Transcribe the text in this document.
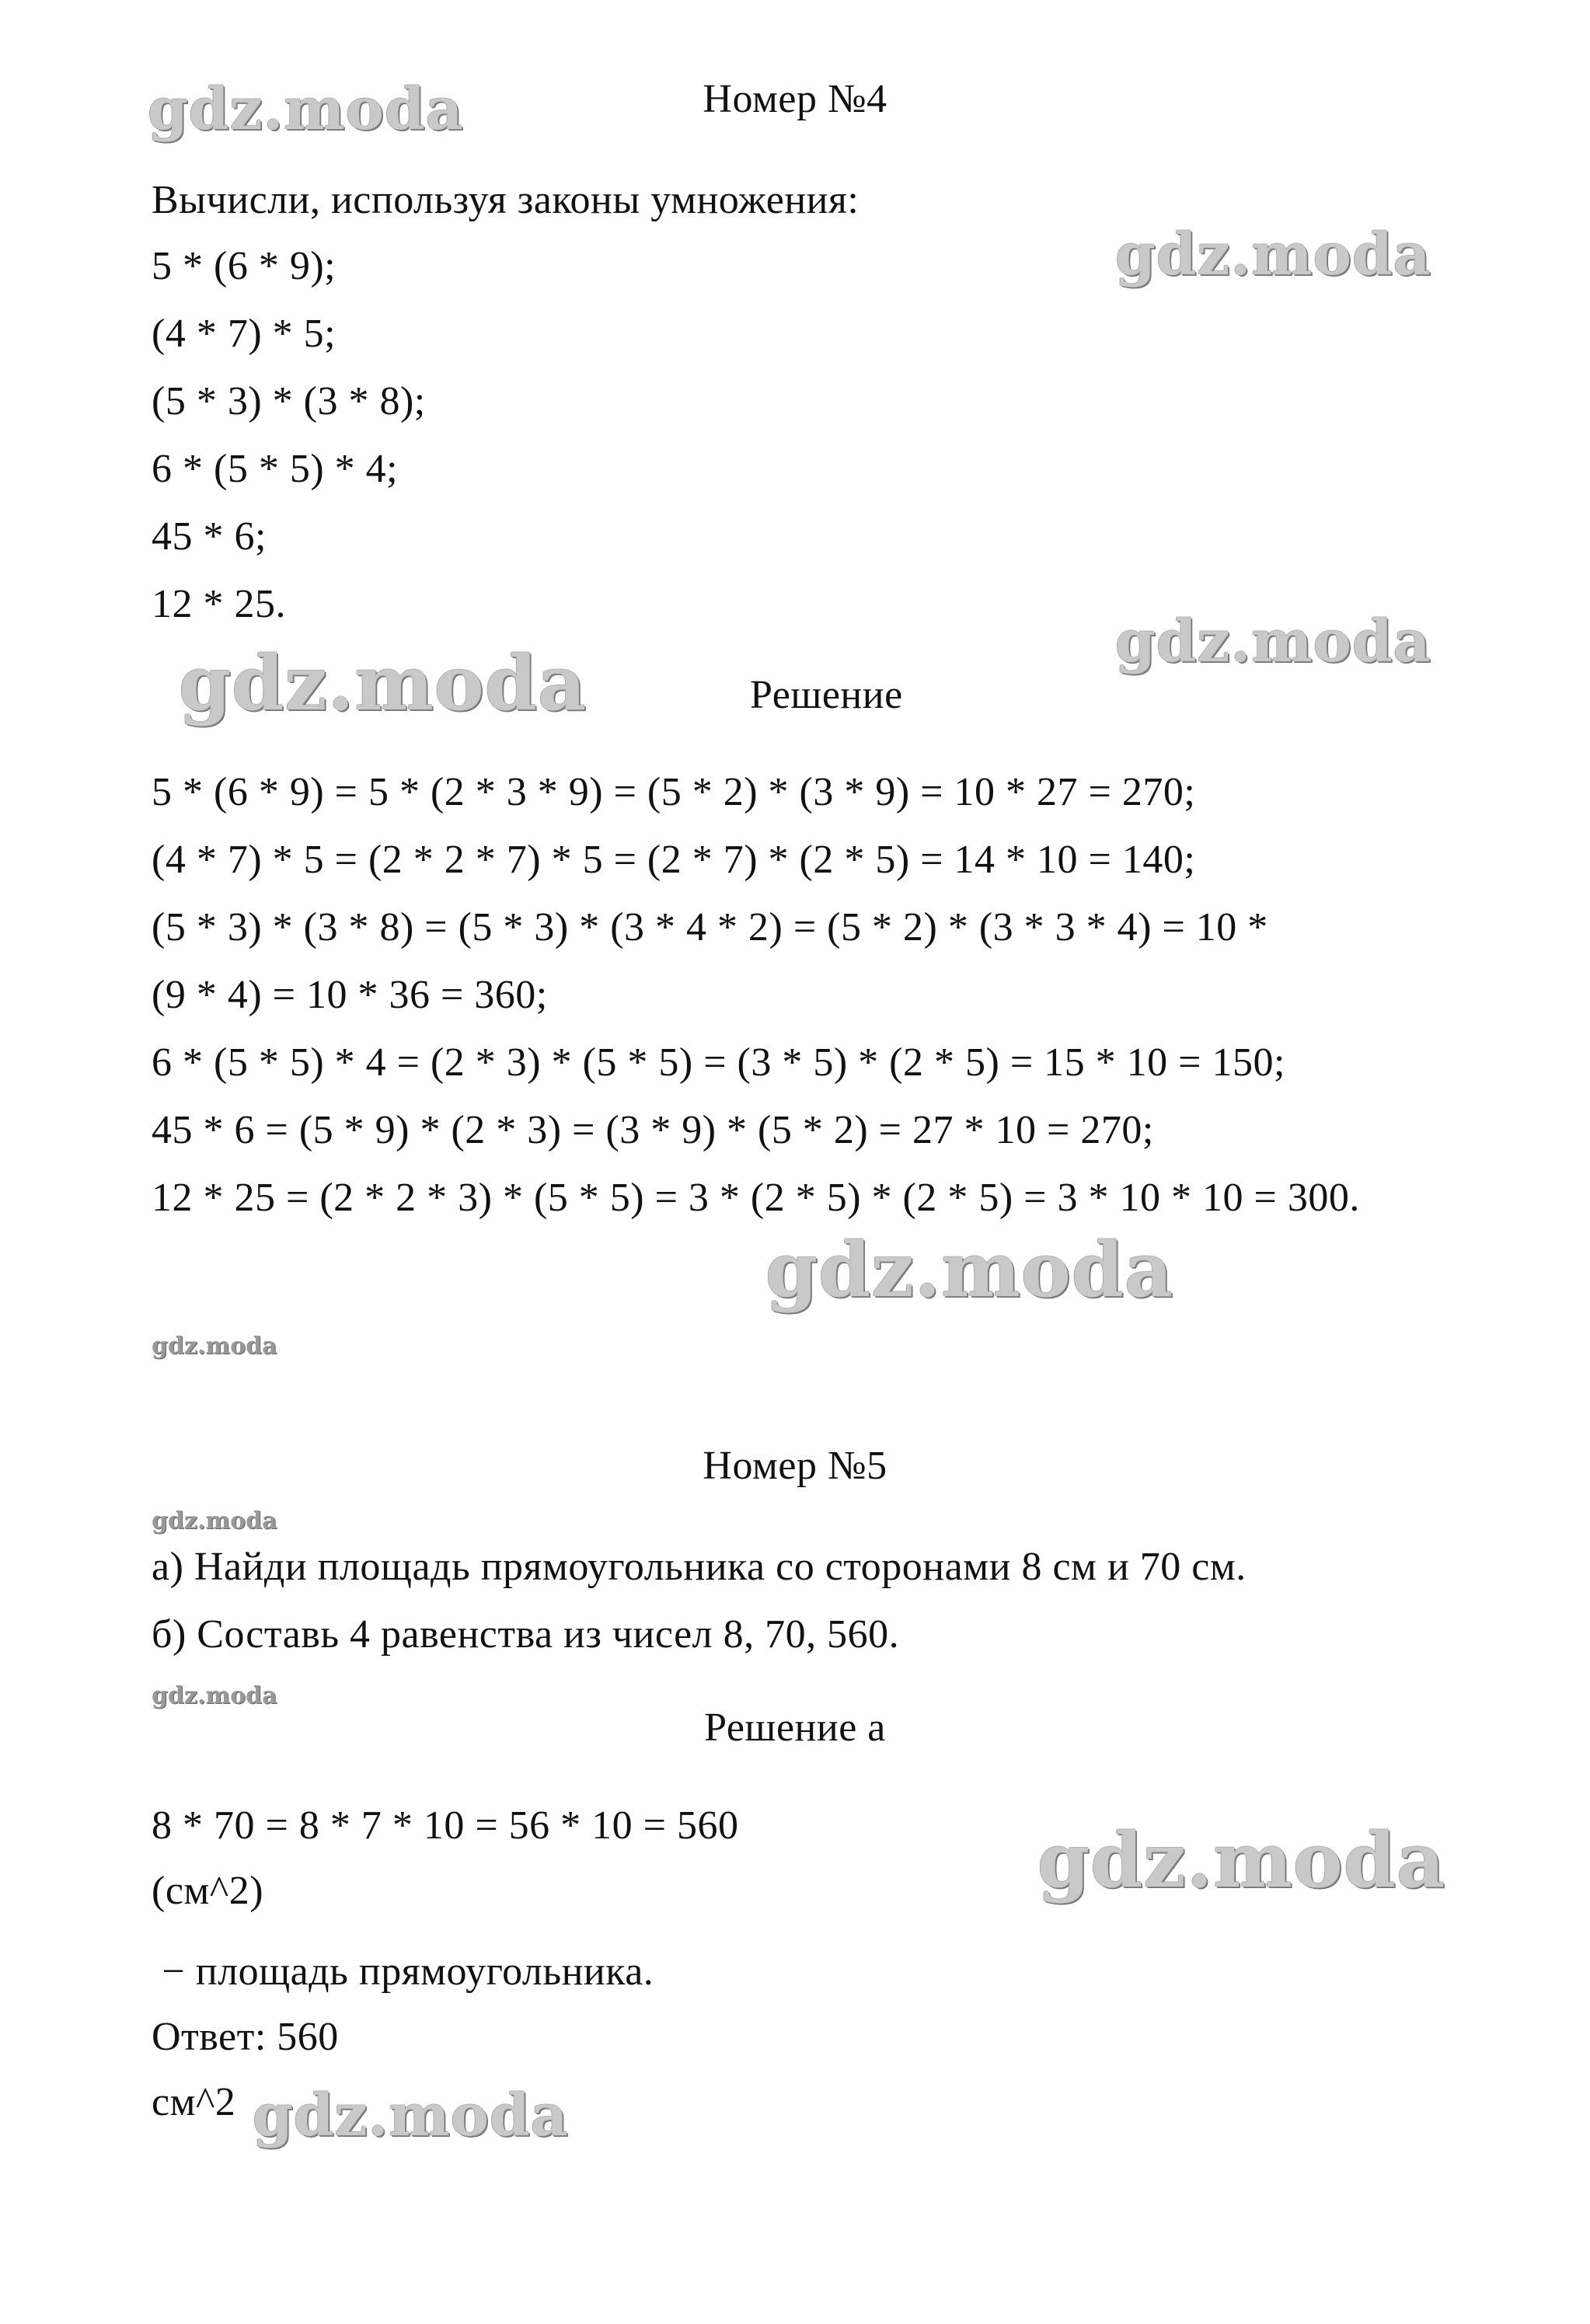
gdz.moda
gdz.moda
gdz.moda
gdz.moda
gdz.moda
gdz.moda
gdz.moda
gdz.moda
gdz.moda
gdz.moda
Номер №4
Вычисли, используя законы умножения:
5 * (6 * 9);
(4 * 7) * 5;
(5 * 3) * (3 * 8);
6 * (5 * 5) * 4;
45 * 6;
12 * 25.
Решение
5 * (6 * 9) = 5 * (2 * 3 * 9) = (5 * 2) * (3 * 9) = 10 * 27 = 270;
(4 * 7) * 5 = (2 * 2 * 7) * 5 = (2 * 7) * (2 * 5) = 14 * 10 = 140;
(5 * 3) * (3 * 8) = (5 * 3) * (3 * 4 * 2) = (5 * 2) * (3 * 3 * 4) = 10 *
(9 * 4) = 10 * 36 = 360;
6 * (5 * 5) * 4 = (2 * 3) * (5 * 5) = (3 * 5) * (2 * 5) = 15 * 10 = 150;
45 * 6 = (5 * 9) * (2 * 3) = (3 * 9) * (5 * 2) = 27 * 10 = 270;
12 * 25 = (2 * 2 * 3) * (5 * 5) = 3 * (2 * 5) * (2 * 5) = 3 * 10 * 10 = 300.
Номер №5
а) Найди площадь прямоугольника со сторонами 8 см и 70 см.
б) Составь 4 равенства из чисел 8, 70, 560.
Решение а
8 * 70 = 8 * 7 * 10 = 56 * 10 = 560
(см^2)
− площадь прямоугольника.
Ответ: 560
см^2
